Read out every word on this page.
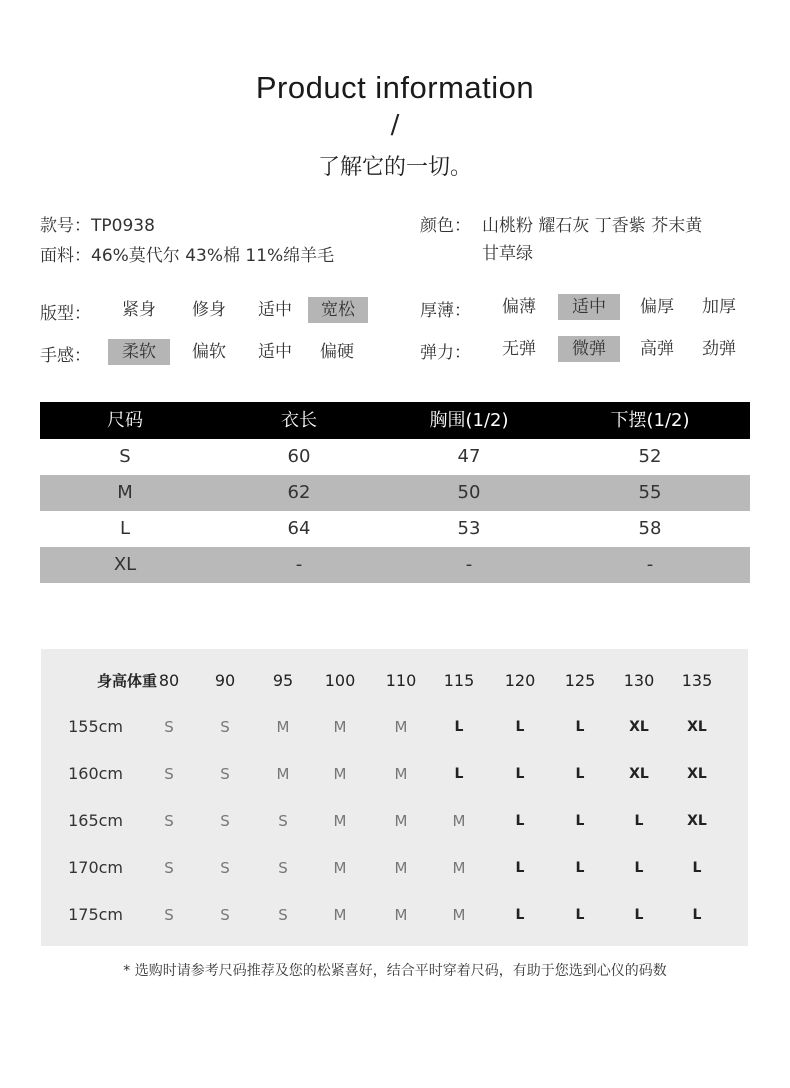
Product information
/
了解它的一切。
款号：TP0938
面料：46%莫代尔 43%棉 11%绵羊毛
颜色： 山桃粉 耀石灰 丁香紫 芥末黄
甘草绿
版型：	紧身	修身	适中	宽松
手感：	柔软	偏软	适中	偏硬
厚薄：	偏薄	适中	偏厚	加厚
弹力：	无弹	微弹	高弹	劲弹
尺码	衣长	胸围(1/2)	下摆(1/2)
S	60	47	52
M	62	50	55
L	64	53	58
XL	-	-	-
身高体重 80	90	95	100	110	115	120	125	130	135
155cm	S	S	M	M	M	L	L	L	XL	XL
160cm	S	S	M	M	M	L	L	L	XL	XL
165cm	S	S	S	M	M	M	L	L	L	XL
170cm	S	S	S	M	M	M	L	L	L	L
175cm	S	S	S	M	M	M	L	L	L	L
* 选购时请参考尺码推荐及您的松紧喜好，结合平时穿着尺码，有助于您选到心仪的码数
